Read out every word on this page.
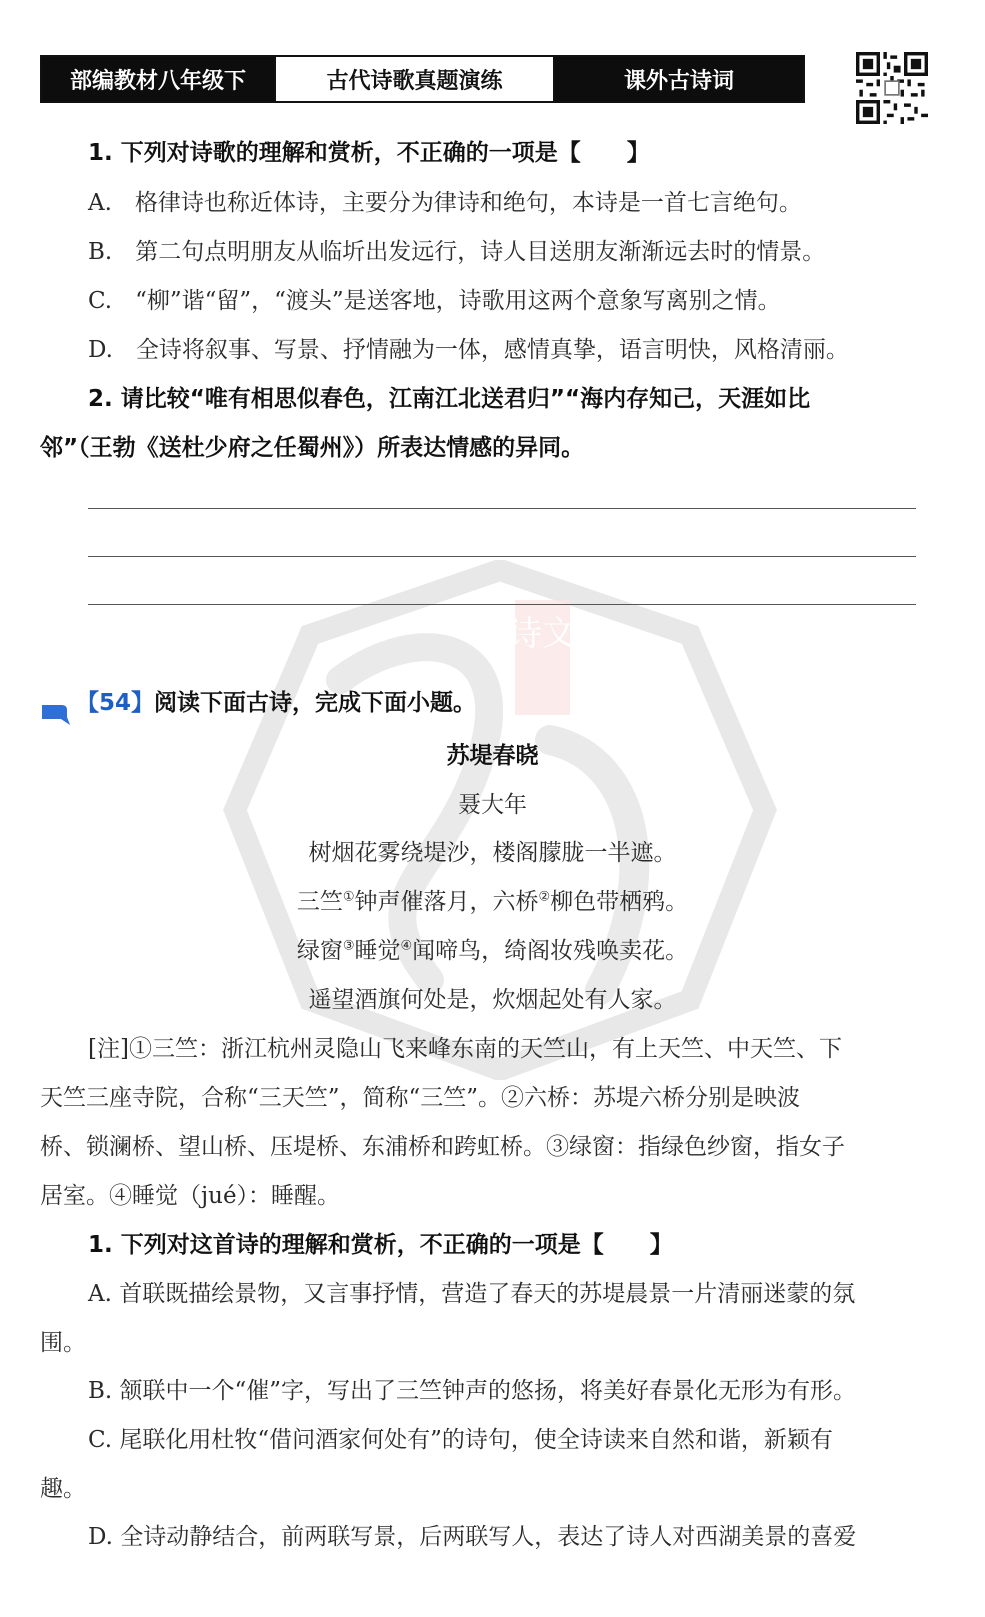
部编教材八年级下	古代诗歌真题演练	课外古诗词
诗文
1. 下列对诗歌的理解和赏析，不正确的一项是【　　】
A.　格律诗也称近体诗，主要分为律诗和绝句，本诗是一首七言绝句。
B.　第二句点明朋友从临圻出发远行，诗人目送朋友渐渐远去时的情景。
C.　“柳”谐“留”，“渡头”是送客地，诗歌用这两个意象写离别之情。
D.　全诗将叙事、写景、抒情融为一体，感情真挚，语言明快，风格清丽。
2. 请比较“唯有相思似春色，江南江北送君归”“海内存知己，天涯如比
邻”（王勃《送杜少府之任蜀州》）所表达情感的异同。
【54】阅读下面古诗，完成下面小题。
苏堤春晓
聂大年
树烟花雾绕堤沙，楼阁朦胧一半遮。
三竺①钟声催落月，六桥②柳色带栖鸦。
绿窗③睡觉④闻啼鸟，绮阁妆残唤卖花。
遥望酒旗何处是，炊烟起处有人家。
[注]①三竺：浙江杭州灵隐山飞来峰东南的天竺山，有上天竺、中天竺、下
天竺三座寺院，合称“三天竺”，简称“三竺”。②六桥：苏堤六桥分别是映波
桥、锁澜桥、望山桥、压堤桥、东浦桥和跨虹桥。③绿窗：指绿色纱窗，指女子
居室。④睡觉（jué）：睡醒。
1. 下列对这首诗的理解和赏析，不正确的一项是【　　】
A. 首联既描绘景物，又言事抒情，营造了春天的苏堤晨景一片清丽迷蒙的氛
围。
B. 颔联中一个“催”字，写出了三竺钟声的悠扬，将美好春景化无形为有形。
C. 尾联化用杜牧“借问酒家何处有”的诗句，使全诗读来自然和谐，新颖有
趣。
D. 全诗动静结合，前两联写景，后两联写人，表达了诗人对西湖美景的喜爱
